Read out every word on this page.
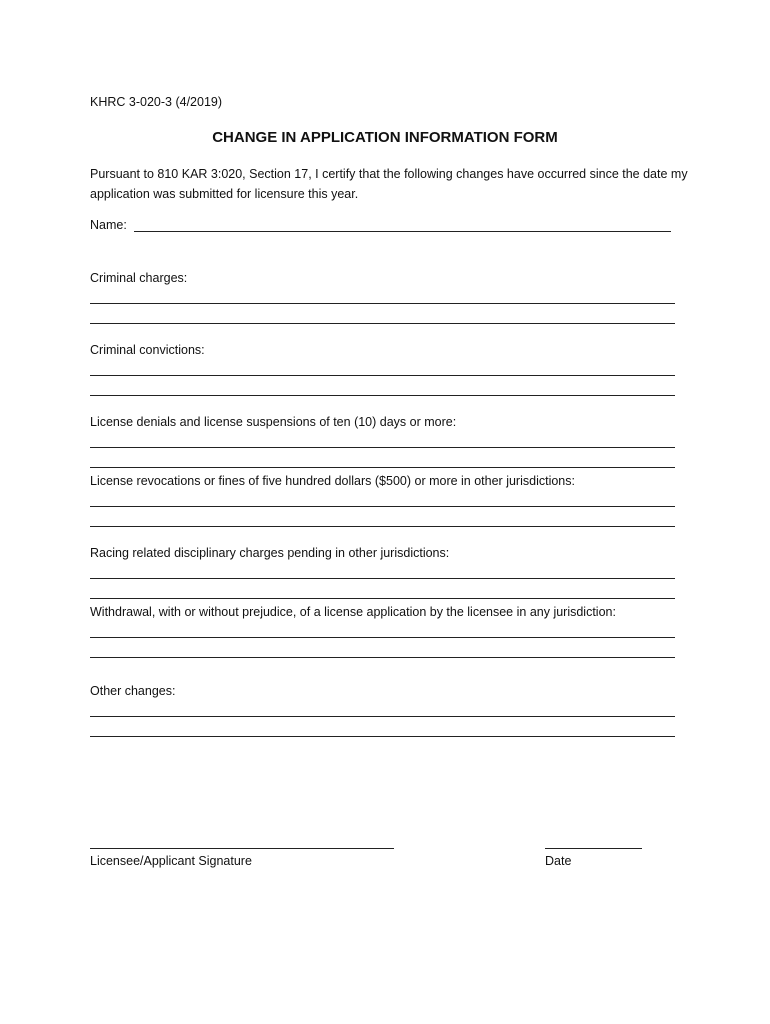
KHRC 3-020-3 (4/2019)
CHANGE IN APPLICATION INFORMATION FORM
Pursuant to 810 KAR 3:020, Section 17, I certify that the following changes have occurred since the date my application was submitted for licensure this year.
Name:
Criminal charges:
Criminal convictions:
License denials and license suspensions of ten (10) days or more:
License revocations or fines of five hundred dollars ($500) or more in other jurisdictions:
Racing related disciplinary charges pending in other jurisdictions:
Withdrawal, with or without prejudice, of a license application by the licensee in any jurisdiction:
Other changes:
Licensee/Applicant Signature	Date
